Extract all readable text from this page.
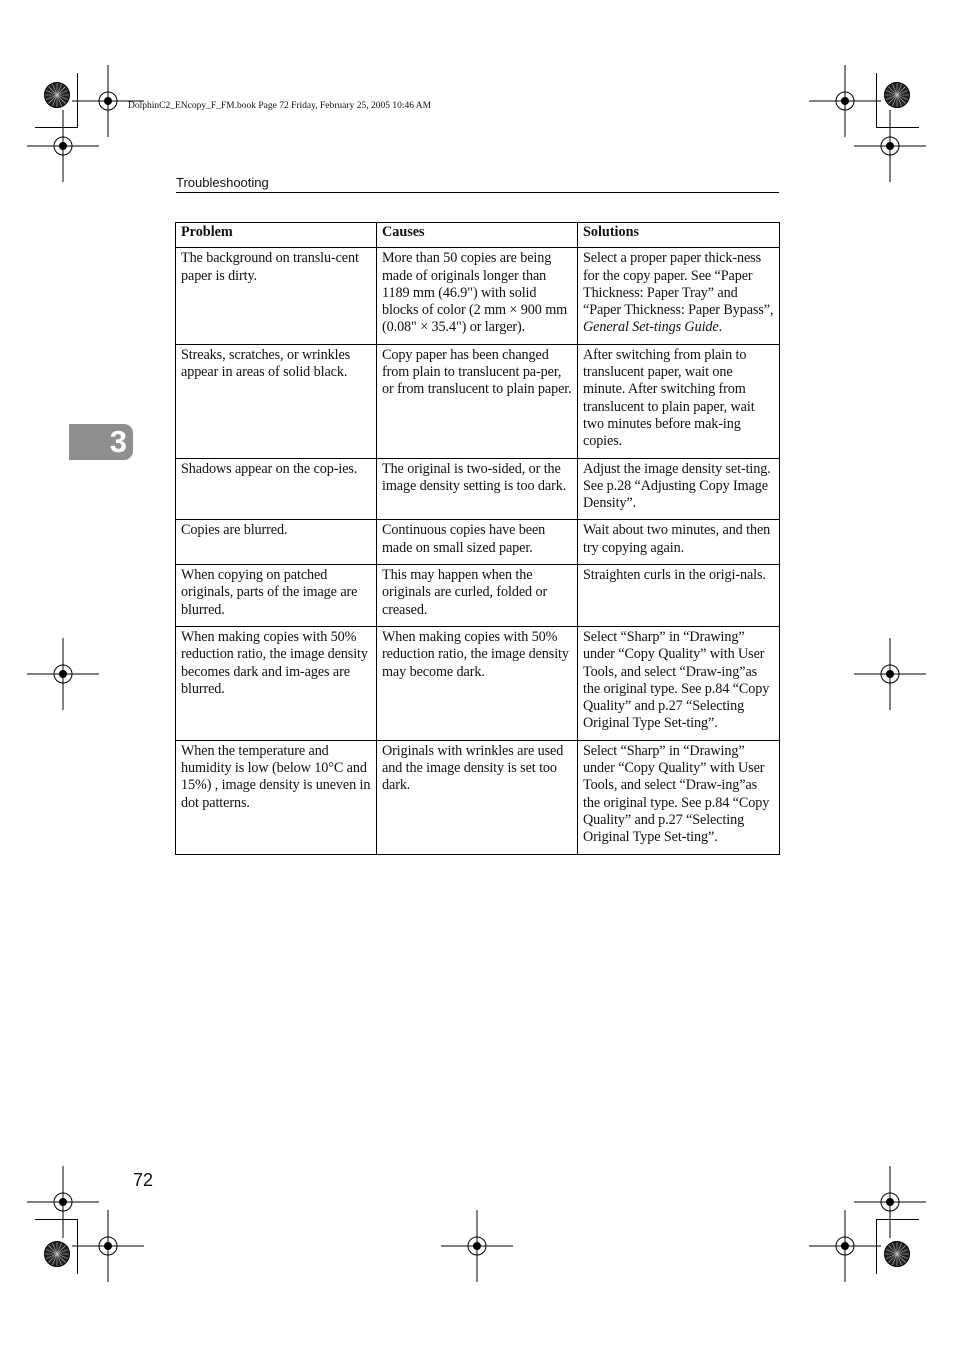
DolphinC2_ENcopy_F_FM.book Page 72 Friday, February 25, 2005 10:46 AM
Troubleshooting
3
Problem	Causes	Solutions
The background on translu-cent paper is dirty.	More than 50 copies are being made of originals longer than 1189 mm (46.9") with solid blocks of color (2 mm × 900 mm (0.08" × 35.4") or larger).	Select a proper paper thick-ness for the copy paper. See “Paper Thickness: Paper Tray” and “Paper Thickness: Paper Bypass”, General Set-tings Guide.
Streaks, scratches, or wrinkles appear in areas of solid black.	Copy paper has been changed from plain to translucent pa-per, or from translucent to plain paper.	After switching from plain to translucent paper, wait one minute. After switching from translucent to plain paper, wait two minutes before mak-ing copies.
Shadows appear on the cop-ies.	The original is two-sided, or the image density setting is too dark.	Adjust the image density set-ting. See p.28 “Adjusting Copy Image Density”.
Copies are blurred.	Continuous copies have been made on small sized paper.	Wait about two minutes, and then try copying again.
When copying on patched originals, parts of the image are blurred.	This may happen when the originals are curled, folded or creased.	Straighten curls in the origi-nals.
When making copies with 50% reduction ratio, the image density becomes dark and im-ages are blurred.	When making copies with 50% reduction ratio, the image density may become dark.	Select “Sharp” in “Drawing” under “Copy Quality” with User Tools, and select “Draw-ing”as the original type. See p.84 “Copy Quality” and p.27 “Selecting Original Type Set-ting”.
When the temperature and humidity is low (below 10°C and 15%) , image density is uneven in dot patterns.	Originals with wrinkles are used and the image density is set too dark.	Select “Sharp” in “Drawing” under “Copy Quality” with User Tools, and select “Draw-ing”as the original type. See p.84 “Copy Quality” and p.27 “Selecting Original Type Set-ting”.
72
